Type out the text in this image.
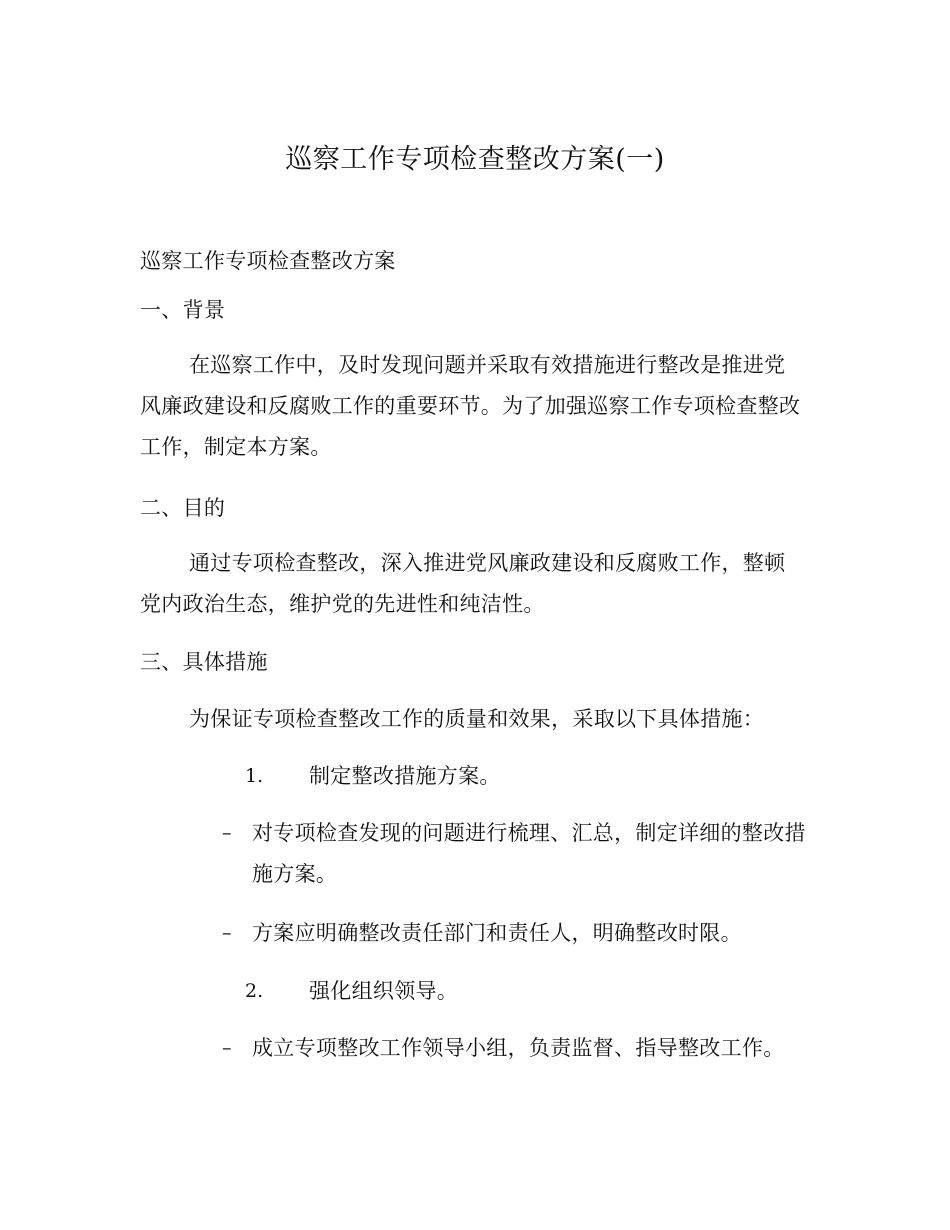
巡察工作专项检查整改方案(一)
巡察工作专项检查整改方案
一、背景
在巡察工作中，及时发现问题并采取有效措施进行整改是推进党风廉政建设和反腐败工作的重要环节。为了加强巡察工作专项检查整改工作，制定本方案。
二、目的
通过专项检查整改，深入推进党风廉政建设和反腐败工作，整顿党内政治生态，维护党的先进性和纯洁性。
三、具体措施
为保证专项检查整改工作的质量和效果，采取以下具体措施：
1. 制定整改措施方案。
– 对专项检查发现的问题进行梳理、汇总，制定详细的整改措施方案。
– 方案应明确整改责任部门和责任人，明确整改时限。
2. 强化组织领导。
– 成立专项整改工作领导小组，负责监督、指导整改工作。
